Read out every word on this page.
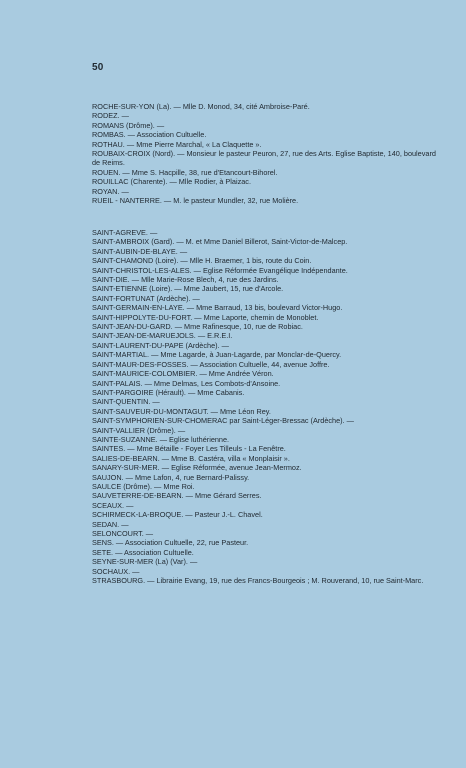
50

ROCHE-SUR-YON (La). — Mlle D. Monod, 34, cité Ambroise-Paré.

RODEZ. —

ROMANS (Drôme). —

ROMBAS. — Association Cultuelle.

ROTHAU. — Mme Pierre Marchal, « La Claquette ».

ROUBAIX-CROIX (Nord). — Monsieur le pasteur Peuron, 27, rue des Arts. Eglise Baptiste, 140, boulevard de Reims.

ROUEN. — Mme S. Hacpille, 38, rue d'Etancourt-Bihorel.

ROUILLAC (Charente). — Mlle Rodier, à Plaizac.

ROYAN. —

RUEIL - NANTERRE. — M. le pasteur Mundler, 32, rue Molière.

SAINT-AGREVE. —

SAINT-AMBROIX (Gard). — M. et Mme Daniel Billerot, Saint-Victor-de-Malcep.

SAINT-AUBIN-DE-BLAYE. —

SAINT-CHAMOND (Loire). — Mlle H. Braemer, 1 bis, route du Coin.

SAINT-CHRISTOL-LES-ALES. — Eglise Réformée Evangélique Indépendante.

SAINT-DIE. — Mlle Marie-Rose Blech, 4, rue des Jardins.

SAINT-ETIENNE (Loire). — Mme Jaubert, 15, rue d'Arcole.

SAINT-FORTUNAT (Ardèche). —

SAINT-GERMAIN-EN-LAYE. — Mme Barraud, 13 bis, boulevard Victor-Hugo.

SAINT-HIPPOLYTE-DU-FORT. — Mme Laporte, chemin de Monoblet.

SAINT-JEAN-DU-GARD. — Mme Rafinesque, 10, rue de Robiac.

SAINT-JEAN-DE-MARUEJOLS. — E.R.E.I.

SAINT-LAURENT-DU-PAPE (Ardèche). —

SAINT-MARTIAL. — Mme Lagarde, à Juan-Lagarde, par Monclar-de-Quercy.

SAINT-MAUR-DES-FOSSES. — Association Cultuelle, 44, avenue Joffre.

SAINT-MAURICE-COLOMBIER. — Mme Andrée Véron.

SAINT-PALAIS. — Mme Delmas, Les Combots-d'Ansoine.

SAINT-PARGOIRE (Hérault). — Mme Cabanis.

SAINT-QUENTIN. —

SAINT-SAUVEUR-DU-MONTAGUT. — Mme Léon Rey.

SAINT-SYMPHORIEN-SUR-CHOMERAC par Saint-Léger-Bressac (Ardèche). —

SAINT-VALLIER (Drôme). —

SAINTE-SUZANNE. — Eglise luthérienne.

SAINTES. — Mme Bétaille - Foyer Les Tilleuls - La Fenêtre.

SALIES-DE-BEARN. — Mme B. Castéra, villa « Monplaisir ».

SANARY-SUR-MER. — Eglise Réformée, avenue Jean-Mermoz.

SAUJON. — Mme Lafon, 4, rue Bernard-Palissy.

SAULCE (Drôme). — Mme Roi.

SAUVETERRE-DE-BEARN. — Mme Gérard Serres.

SCEAUX. —

SCHIRMECK-LA-BROQUE. — Pasteur J.-L. Chavel.

SEDAN. —

SELONCOURT. —

SENS. — Association Cultuelle, 22, rue Pasteur.

SETE. — Association Cultuelle.

SEYNE-SUR-MER (La) (Var). —

SOCHAUX. —

STRASBOURG. — Librairie Evang, 19, rue des Francs-Bourgeois ; M. Rouverand, 10, rue Saint-Marc.
